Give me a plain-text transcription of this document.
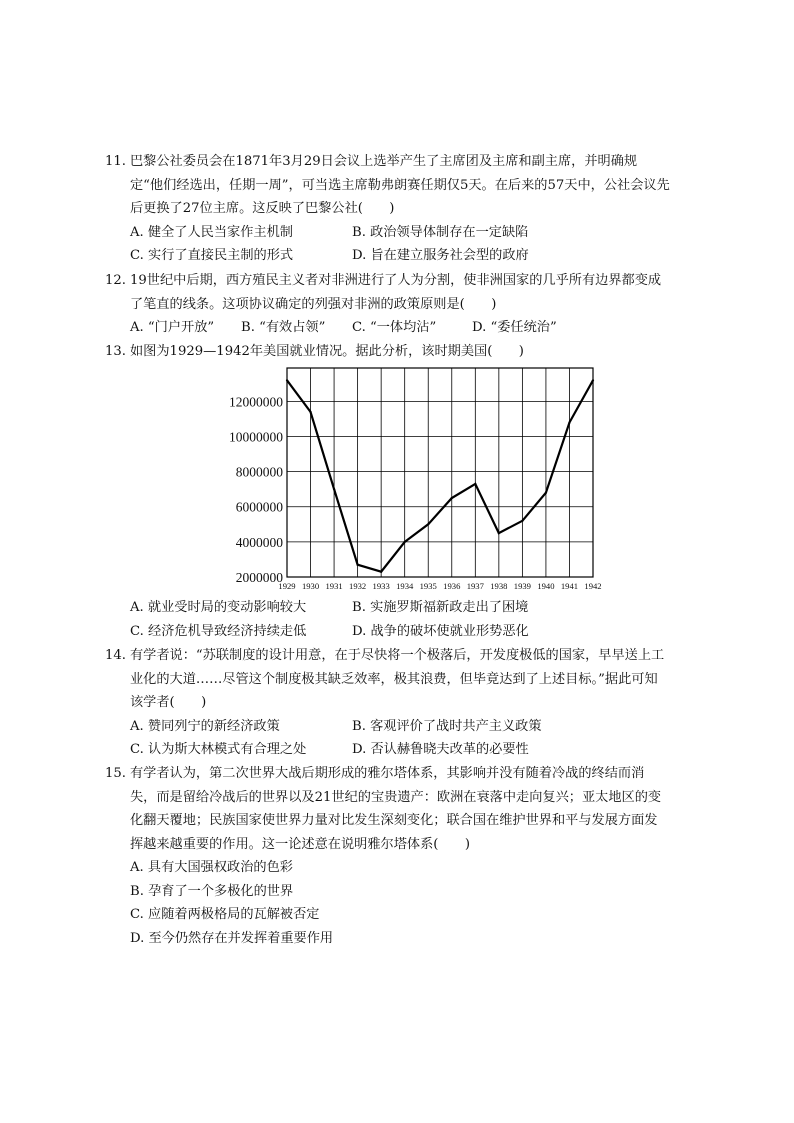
11. 巴黎公社委员会在1871年3月29日会议上选举产生了主席团及主席和副主席，并明确规定“他们经选出，任期一周”，可当选主席勒弗朗赛任期仅5天。在后来的57天中，公社会议先后更换了27位主席。这反映了巴黎公社(　　)

A. 健全了人民当家作主机制	B. 政治领导体制存在一定缺陷
C. 实行了直接民主制的形式	D. 旨在建立服务社会型的政府
12. 19世纪中后期，西方殖民主义者对非洲进行了人为分割，使非洲国家的几乎所有边界都变成了笔直的线条。这项协议确定的列强对非洲的政策原则是(　　)

A. “门户开放” B. “有效占领” C. “一体均沾”	D. “委任统治”
13. 如图为1929—1942年美国就业情况。据此分析，该时期美国(　　)

2000000
4000000
6000000
8000000
10000000
12000000
1929 1930 1931 1932 1933 1934 1935 1936 1937 1938 1939 1940 1941 1942
A. 就业受时局的变动影响较大	B. 实施罗斯福新政走出了困境
C. 经济危机导致经济持续走低	D. 战争的破坏使就业形势恶化
14. 有学者说：“苏联制度的设计用意，在于尽快将一个极落后，开发度极低的国家，早早送上工业化的大道……尽管这个制度极其缺乏效率，极其浪费，但毕竟达到了上述目标。”据此可知该学者(　　)

A. 赞同列宁的新经济政策	B. 客观评价了战时共产主义政策
C. 认为斯大林模式有合理之处	D. 否认赫鲁晓夫改革的必要性
15. 有学者认为，第二次世界大战后期形成的雅尔塔体系，其影响并没有随着冷战的终结而消失，而是留给冷战后的世界以及21世纪的宝贵遗产：欧洲在衰落中走向复兴；亚太地区的变化翻天覆地；民族国家使世界力量对比发生深刻变化；联合国在维护世界和平与发展方面发挥越来越重要的作用。这一论述意在说明雅尔塔体系(　　)

A. 具有大国强权政治的色彩
B. 孕育了一个多极化的世界
C. 应随着两极格局的瓦解被否定
D. 至今仍然存在并发挥着重要作用
